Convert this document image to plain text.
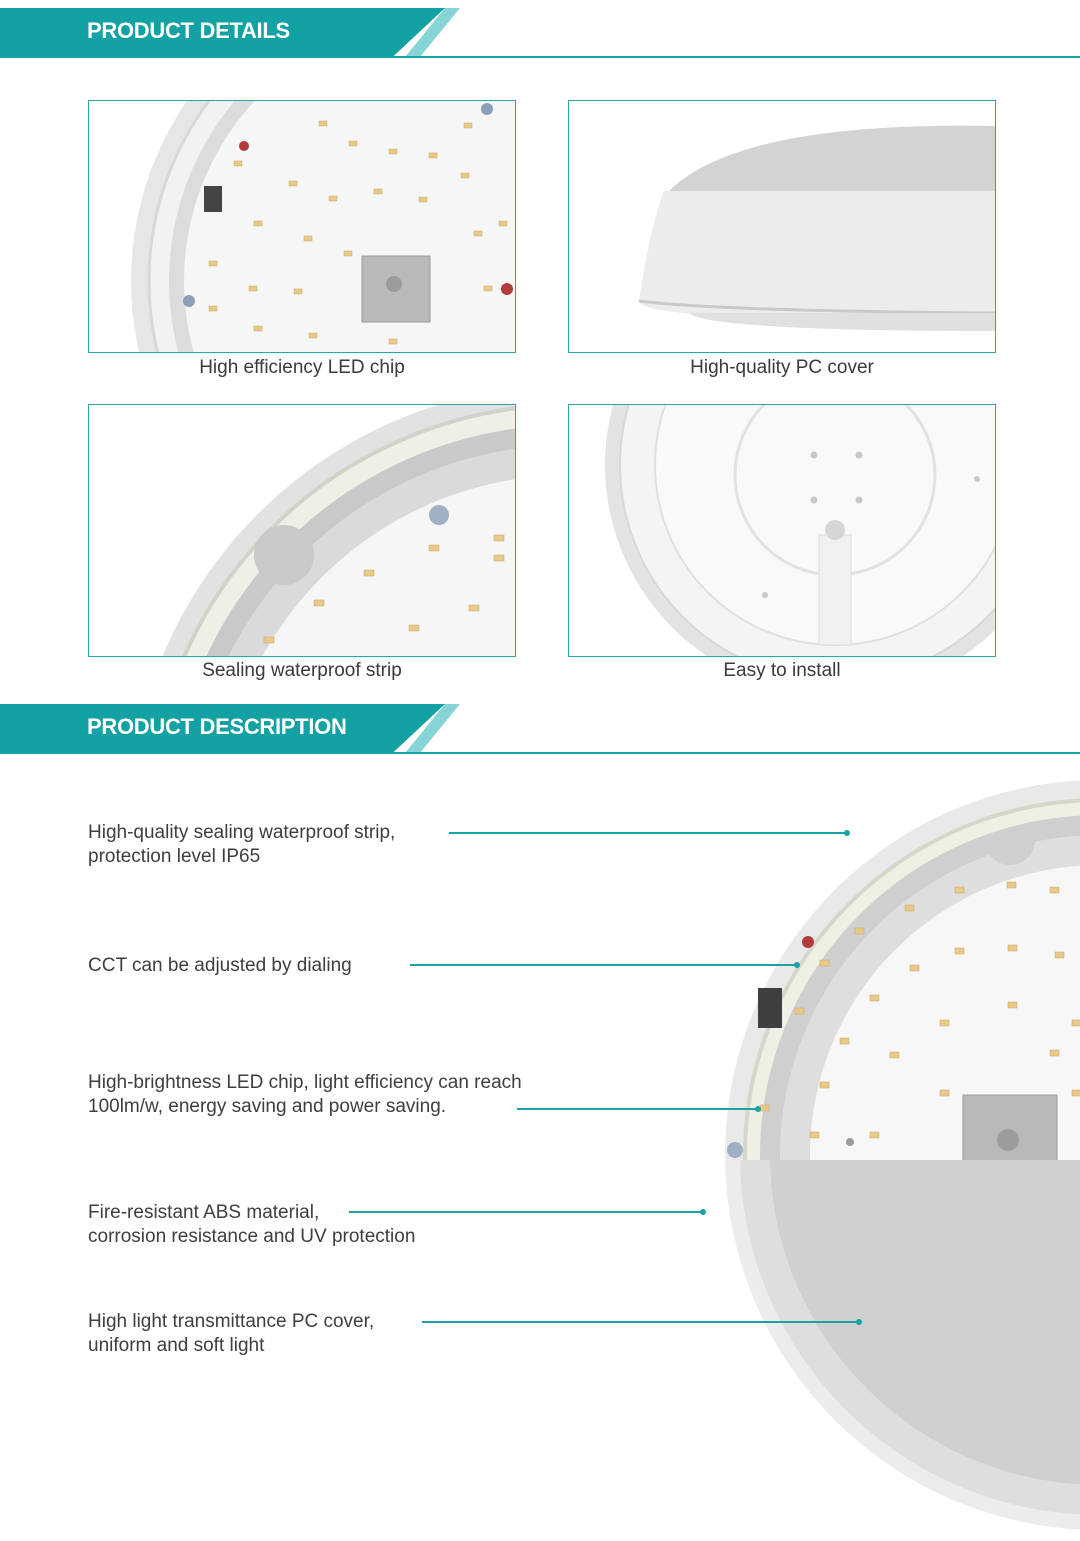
PRODUCT DETAILS
High efficiency LED chip	High-quality PC cover
Sealing waterproof strip	Easy to install
PRODUCT DESCRIPTION
High-quality sealing waterproof strip,
protection level IP65
CCT can be adjusted by dialing
High-brightness LED chip, light efficiency can reach
100lm/w, energy saving and power saving.
Fire-resistant ABS material,
corrosion resistance and UV protection
High light transmittance PC cover,
uniform and soft light
